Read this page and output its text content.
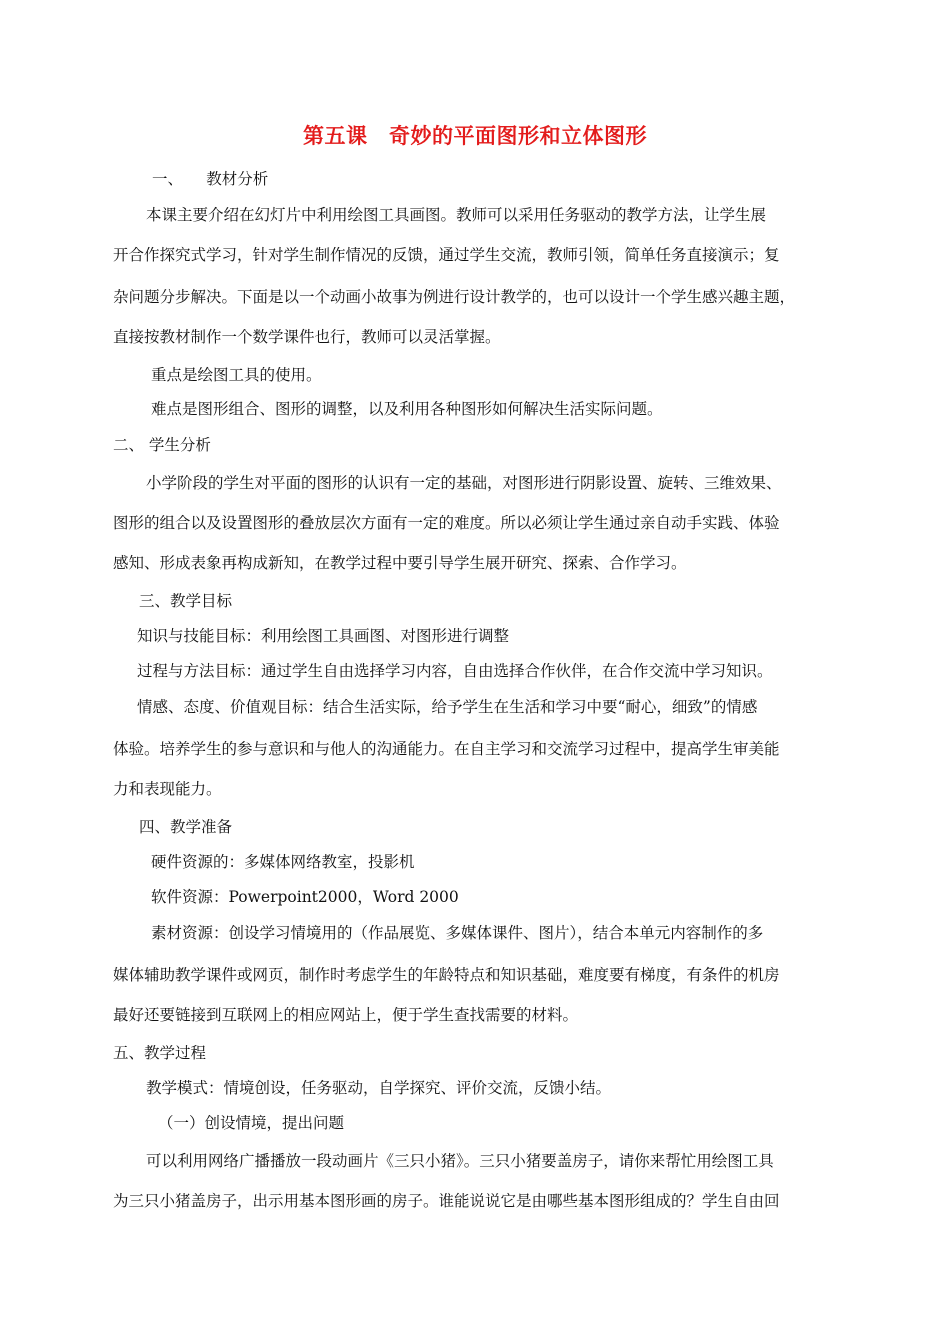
第五课　奇妙的平面图形和立体图形
一、　　教材分析
本课主要介绍在幻灯片中利用绘图工具画图。教师可以采用任务驱动的教学方法，让学生展
开合作探究式学习，针对学生制作情况的反馈，通过学生交流，教师引领，简单任务直接演示；复
杂问题分步解决。下面是以一个动画小故事为例进行设计教学的，也可以设计一个学生感兴趣主题，
直接按教材制作一个数学课件也行，教师可以灵活掌握。
重点是绘图工具的使用。
难点是图形组合、图形的调整，以及利用各种图形如何解决生活实际问题。
二、 学生分析
小学阶段的学生对平面的图形的认识有一定的基础，对图形进行阴影设置、旋转、三维效果、
图形的组合以及设置图形的叠放层次方面有一定的难度。所以必须让学生通过亲自动手实践、体验
感知、形成表象再构成新知，在教学过程中要引导学生展开研究、探索、合作学习。
三、教学目标
知识与技能目标：利用绘图工具画图、对图形进行调整
过程与方法目标：通过学生自由选择学习内容，自由选择合作伙伴，在合作交流中学习知识。
情感、态度、价值观目标：结合生活实际，给予学生在生活和学习中要“耐心，细致”的情感
体验。培养学生的参与意识和与他人的沟通能力。在自主学习和交流学习过程中，提高学生审美能
力和表现能力。
四、教学准备
硬件资源的：多媒体网络教室，投影机
软件资源：Powerpoint2000，Word 2000
素材资源：创设学习情境用的（作品展览、多媒体课件、图片），结合本单元内容制作的多
媒体辅助教学课件或网页，制作时考虑学生的年龄特点和知识基础，难度要有梯度，有条件的机房
最好还要链接到互联网上的相应网站上，便于学生查找需要的材料。
五、教学过程
教学模式：情境创设，任务驱动，自学探究、评价交流，反馈小结。
（一）创设情境，提出问题
可以利用网络广播播放一段动画片《三只小猪》。三只小猪要盖房子，请你来帮忙用绘图工具
为三只小猪盖房子，出示用基本图形画的房子。谁能说说它是由哪些基本图形组成的？学生自由回
